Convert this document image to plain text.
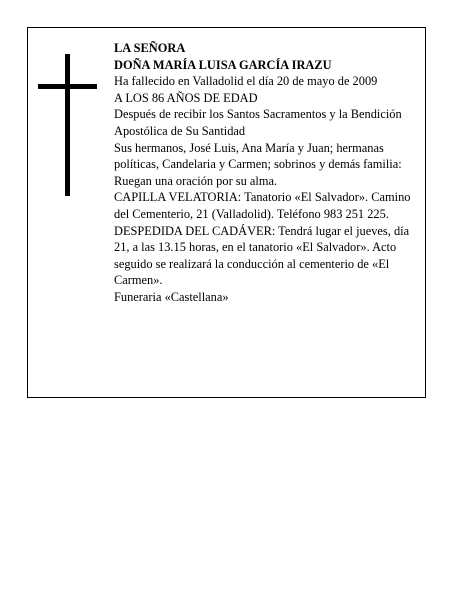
LA SEÑORA

DOÑA MARÍA LUISA GARCÍA IRAZU

Ha fallecido en Valladolid el día 20 de mayo de 2009

A LOS 86 AÑOS DE EDAD

Después de recibir los Santos Sacramentos y la Bendición Apostólica de Su Santidad

Sus hermanos, José Luis, Ana María y Juan; hermanas políticas, Candelaria y Carmen; sobrinos y demás familia:

Ruegan una oración por su alma.

CAPILLA VELATORIA: Tanatorio «El Salvador». Camino del Cementerio, 21 (Valladolid). Teléfono 983 251 225.

DESPEDIDA DEL CADÁVER: Tendrá lugar el jueves, día 21, a las 13.15 horas, en el tanatorio «El Salvador». Acto seguido se realizará la conducción al cementerio de «El Carmen».

Funeraria «Castellana»
